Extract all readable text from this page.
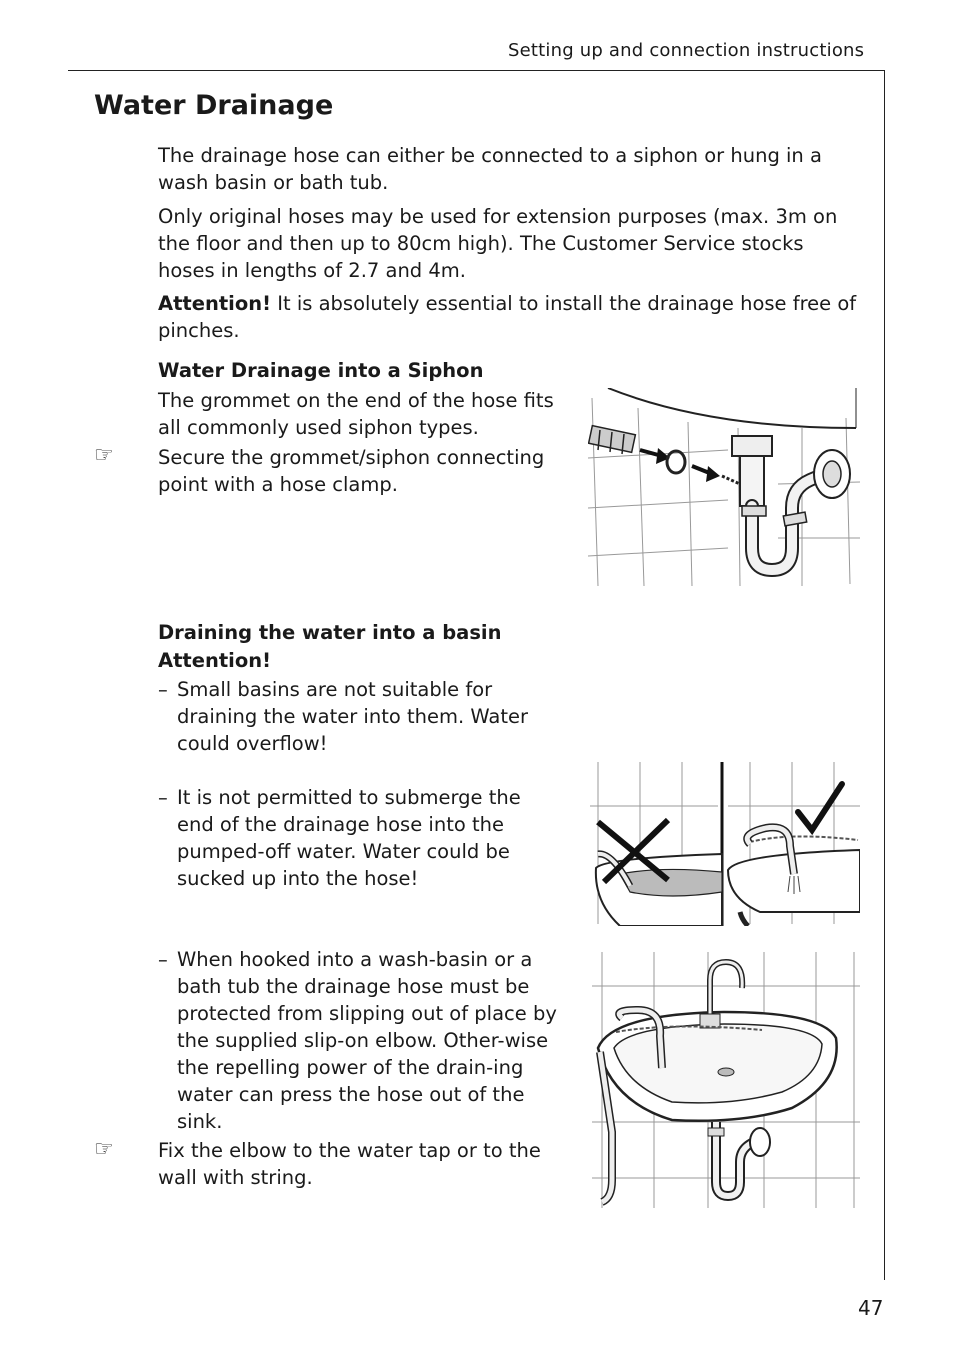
Setting up and connection instructions
Water Drainage
The drainage hose can either be connected to a siphon or hung in a wash basin or bath tub.
Only original hoses may be used for extension purposes (max. 3m on the floor and then up to 80cm high). The Customer Service stocks hoses in lengths of 2.7 and 4m.
Attention! It is absolutely essential to install the drainage hose free of pinches.
Water Drainage into a Siphon
The grommet on the end of the hose fits all commonly used siphon types.
☞ Secure the grommet/siphon connecting point with a hose clamp.
Draining the water into a basin
Attention!
– Small basins are not suitable for draining the water into them. Water could overflow!
– It is not permitted to submerge the end of the drainage hose into the pumped-off water. Water could be sucked up into the hose!
– When hooked into a wash-basin or a bath tub the drainage hose must be protected from slipping out of place by the supplied slip-on elbow. Other-wise the repelling power of the drain-ing water can press the hose out of the sink.
☞ Fix the elbow to the water tap or to the wall with string.
47
